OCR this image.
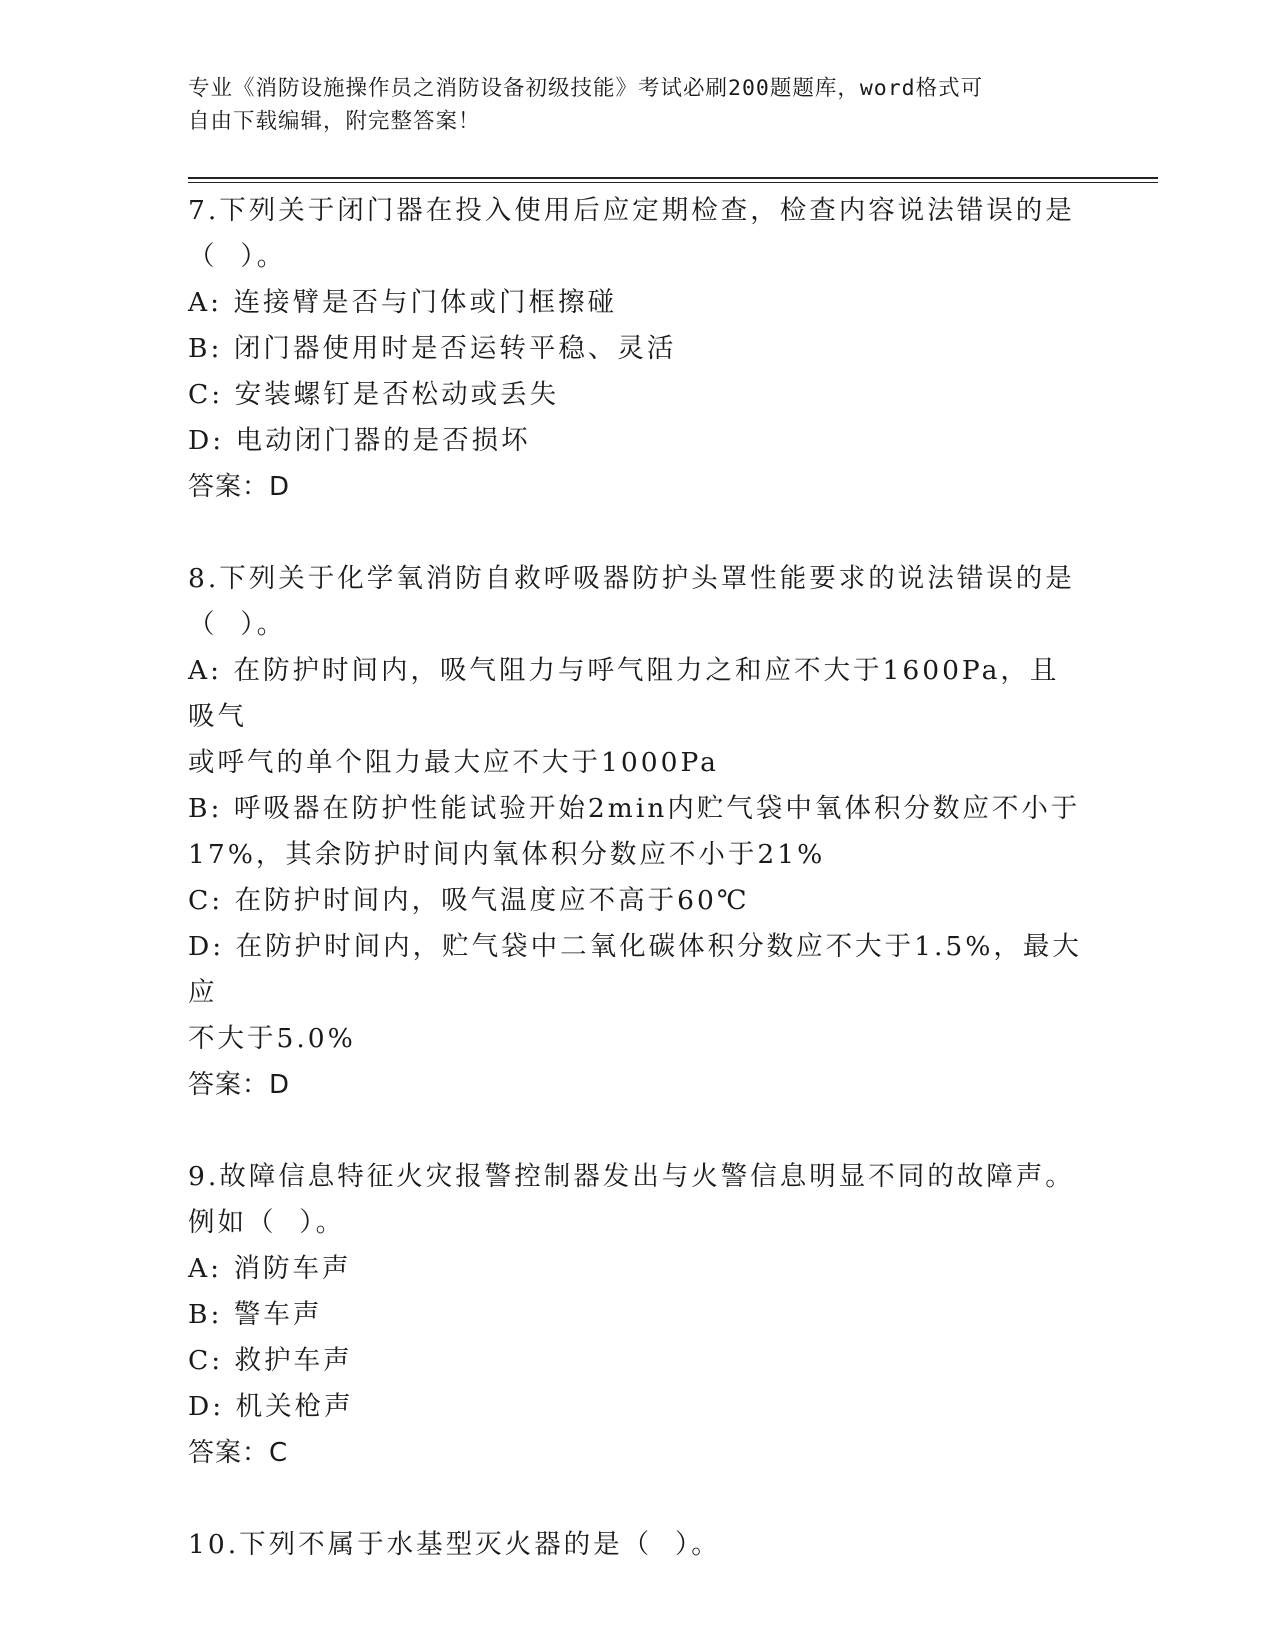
专业《消防设施操作员之消防设备初级技能》考试必刷200题题库，word格式可
自由下载编辑，附完整答案！
7.下列关于闭门器在投入使用后应定期检查，检查内容说法错误的是
（  ）。
A: 连接臂是否与门体或门框擦碰
B: 闭门器使用时是否运转平稳、灵活
C: 安装螺钉是否松动或丢失
D: 电动闭门器的是否损坏
答案：D
8.下列关于化学氧消防自救呼吸器防护头罩性能要求的说法错误的是
（  ）。
A: 在防护时间内，吸气阻力与呼气阻力之和应不大于1600Pa，且吸气
或呼气的单个阻力最大应不大于1000Pa
B: 呼吸器在防护性能试验开始2min内贮气袋中氧体积分数应不小于
17%，其余防护时间内氧体积分数应不小于21%
C: 在防护时间内，吸气温度应不高于60℃
D: 在防护时间内，贮气袋中二氧化碳体积分数应不大于1.5%，最大应
不大于5.0%
答案：D
9.故障信息特征火灾报警控制器发出与火警信息明显不同的故障声。
例如（  ）。
A: 消防车声
B: 警车声
C: 救护车声
D: 机关枪声
答案：C
10.下列不属于水基型灭火器的是（  ）。
